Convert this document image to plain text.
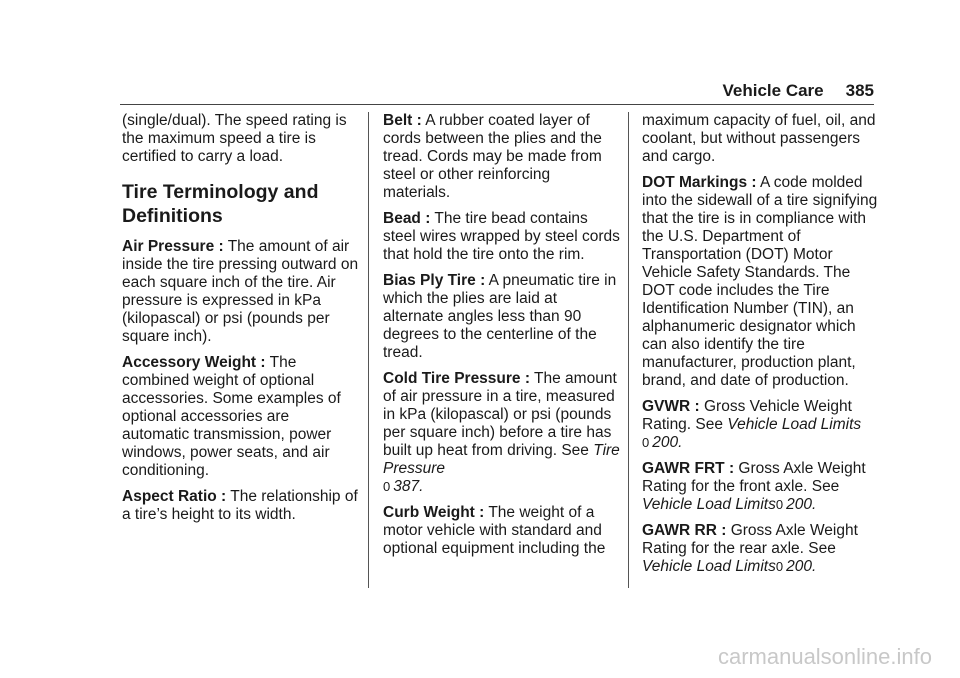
Vehicle Care 385

(single/dual). The speed rating is the maximum speed a tire is certified to carry a load.

Tire Terminology and Definitions

Air Pressure : The amount of air inside the tire pressing outward on each square inch of the tire. Air pressure is expressed in kPa (kilopascal) or psi (pounds per square inch).

Accessory Weight : The combined weight of optional accessories. Some examples of optional accessories are automatic transmission, power windows, power seats, and air conditioning.

Aspect Ratio : The relationship of a tire’s height to its width.

Belt : A rubber coated layer of cords between the plies and the tread. Cords may be made from steel or other reinforcing materials.

Bead : The tire bead contains steel wires wrapped by steel cords that hold the tire onto the rim.

Bias Ply Tire : A pneumatic tire in which the plies are laid at alternate angles less than 90 degrees to the centerline of the tread.

Cold Tire Pressure : The amount of air pressure in a tire, measured in kPa (kilopascal) or psi (pounds per square inch) before a tire has built up heat from driving. See Tire Pressure
0 387.

Curb Weight : The weight of a motor vehicle with standard and optional equipment including the

maximum capacity of fuel, oil, and coolant, but without passengers and cargo.

DOT Markings : A code molded into the sidewall of a tire signifying that the tire is in compliance with the U.S. Department of Transportation (DOT) Motor Vehicle Safety Standards. The DOT code includes the Tire Identification Number (TIN), an alphanumeric designator which can also identify the tire manufacturer, production plant, brand, and date of production.

GVWR : Gross Vehicle Weight Rating. See Vehicle Load Limits
0 200.

GAWR FRT : Gross Axle Weight Rating for the front axle. See
Vehicle Load Limits0 200.

GAWR RR : Gross Axle Weight Rating for the rear axle. See
Vehicle Load Limits0 200.

carmanualsonline.info
